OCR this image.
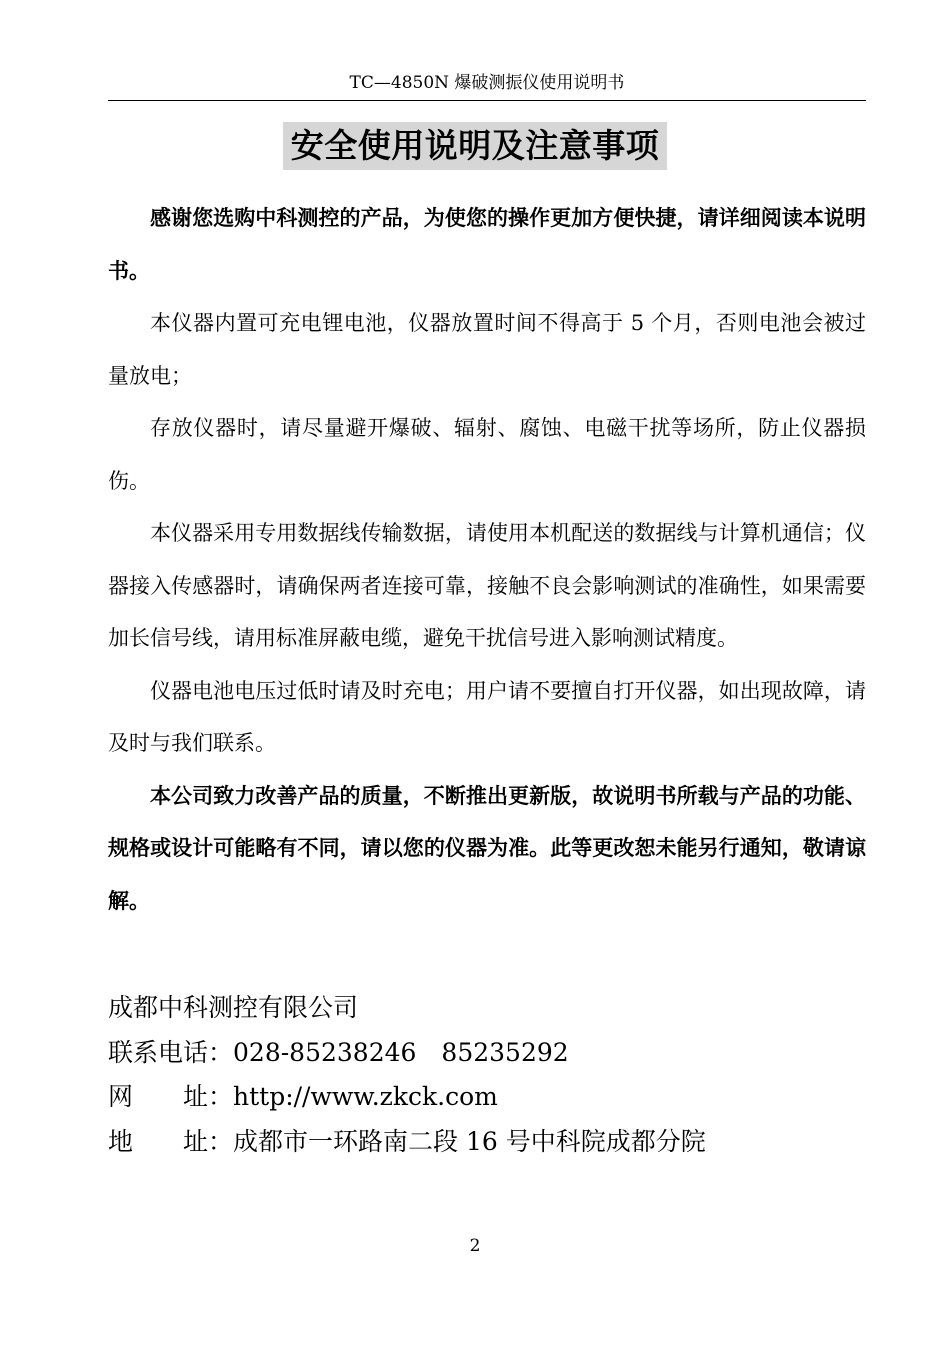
TC—4850N 爆破测振仪使用说明书
安全使用说明及注意事项

感谢您选购中科测控的产品，为使您的操作更加方便快捷，请详细阅读本说明书。

本仪器内置可充电锂电池，仪器放置时间不得高于 5 个月，否则电池会被过量放电；

存放仪器时，请尽量避开爆破、辐射、腐蚀、电磁干扰等场所，防止仪器损伤。

本仪器采用专用数据线传输数据，请使用本机配送的数据线与计算机通信；仪器接入传感器时，请确保两者连接可靠，接触不良会影响测试的准确性，如果需要加长信号线，请用标准屏蔽电缆，避免干扰信号进入影响测试精度。

仪器电池电压过低时请及时充电；用户请不要擅自打开仪器，如出现故障，请及时与我们联系。

本公司致力改善产品的质量，不断推出更新版，故说明书所载与产品的功能、规格或设计可能略有不同，请以您的仪器为准。此等更改恕未能另行通知，敬请谅解。

成都中科测控有限公司
联系电话：028-85238246　85235292
网　　址：http://www.zkck.com
地　　址：成都市一环路南二段 16 号中科院成都分院
2
